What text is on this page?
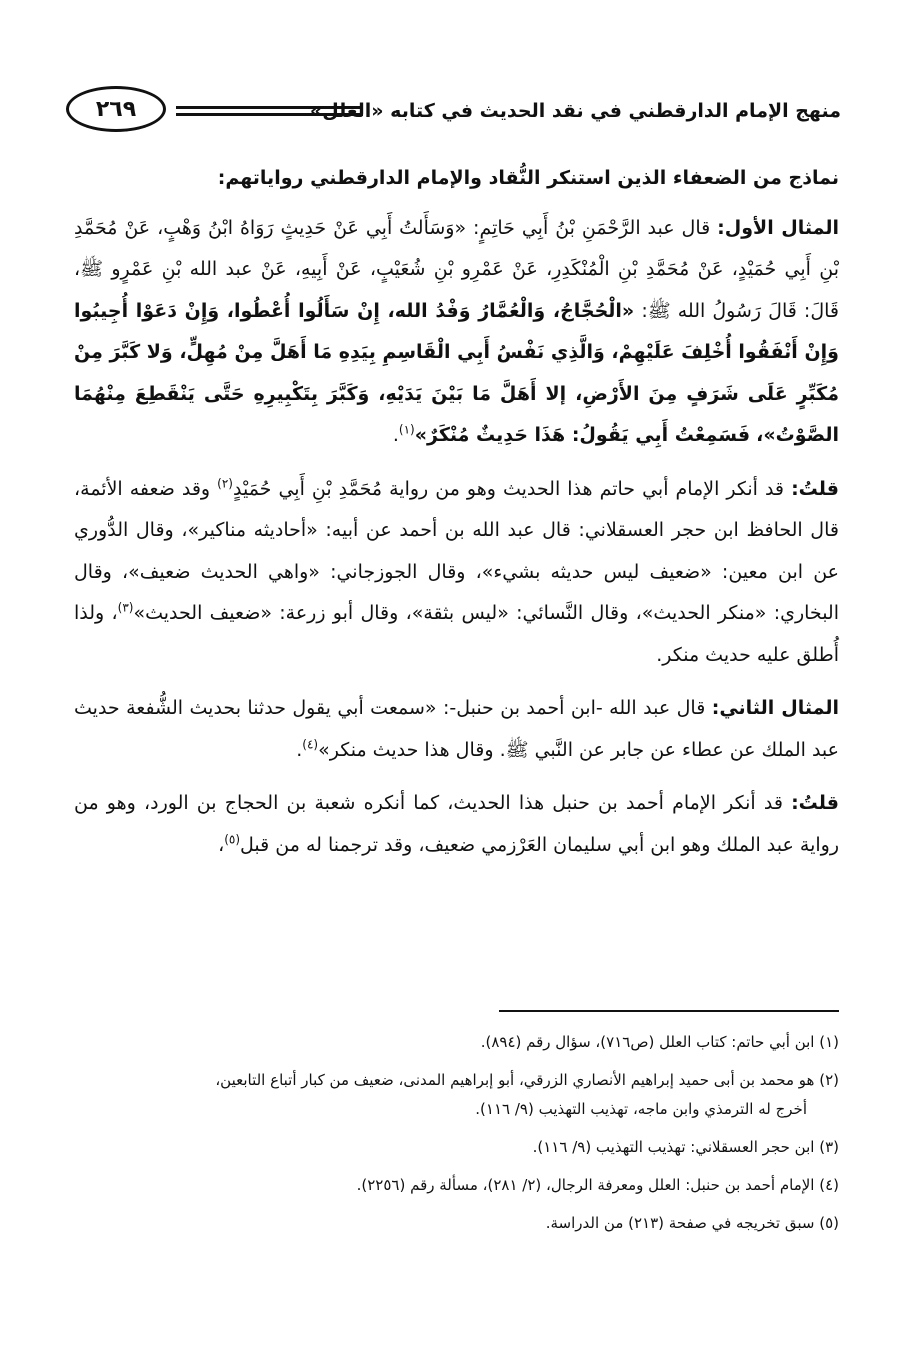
٢٦٩	منهج الإمام الدارقطني في نقد الحديث في كتابه «العلل»

نماذج من الضعفاء الذين استنكر النُّقاد والإمام الدارقطني رواياتهم:

المثال الأول: قال عبد الرَّحْمَنِ بْنُ أَبِي حَاتِمٍ: «وَسَأَلتُ أَبِي عَنْ حَدِيثٍ رَوَاهُ ابْنُ وَهْبٍ، عَنْ مُحَمَّدِ بْنِ أَبِي حُمَيْدٍ، عَنْ مُحَمَّدِ بْنِ الْمُنْكَدِرِ، عَنْ عَمْرِو بْنِ شُعَيْبٍ، عَنْ أَبِيهِ، عَنْ عبد الله بْنِ عَمْرٍو ﷺ، قَالَ: قَالَ رَسُولُ الله ﷺ: «الْحُجَّاجُ، وَالْعُمَّارُ وَفْدُ الله، إِنْ سَأَلُوا أُعْطُوا، وَإِنْ دَعَوْا أُجِيبُوا وَإِنْ أَنْفَقُوا أُخْلِفَ عَلَيْهِمْ، وَالَّذِي نَفْسُ أَبِي الْقَاسِمِ بِيَدِهِ مَا أَهَلَّ مِنْ مُهِلٍّ، وَلا كَبَّرَ مِنْ مُكَبِّرٍ عَلَى شَرَفٍ مِنَ الأَرْضِ، إلا أَهَلَّ مَا بَيْنَ يَدَيْهِ، وَكَبَّرَ بِتَكْبِيرِهِ حَتَّى يَنْقَطِعَ مِنْهُمَا الصَّوْتُ»، فَسَمِعْتُ أَبِي يَقُولُ: هَذَا حَدِيثٌ مُنْكَرٌ»$^{(١)}$.

قلتُ: قد أنكر الإمام أبي حاتم هذا الحديث وهو من رواية مُحَمَّدِ بْنِ أَبِي حُمَيْدٍ$^{(٢)}$ وقد ضعفه الأئمة، قال الحافظ ابن حجر العسقلاني: قال عبد الله بن أحمد عن أبيه: «أحاديثه مناكير»، وقال الدُّوري عن ابن معين: «ضعيف ليس حديثه بشيء»، وقال الجوزجاني: «واهي الحديث ضعيف»، وقال البخاري: «منكر الحديث»، وقال النَّسائي: «ليس بثقة»، وقال أبو زرعة: «ضعيف الحديث»$^{(٣)}$، ولذا أُطلق عليه حديث منكر.

المثال الثاني: قال عبد الله -ابن أحمد بن حنبل-: «سمعت أبي يقول حدثنا بحديث الشُّفعة حديث عبد الملك عن عطاء عن جابر عن النَّبي ﷺ. وقال هذا حديث منكر»$^{(٤)}$.

قلتُ: قد أنكر الإمام أحمد بن حنبل هذا الحديث، كما أنكره شعبة بن الحجاج بن الورد، وهو من رواية عبد الملك وهو ابن أبي سليمان العَرْزمي ضعيف، وقد ترجمنا له من قبل$^{(٥)}$،

(١) ابن أبي حاتم: كتاب العلل (ص٧١٦)، سؤال رقم (٨٩٤).
(٢) هو محمد بن أبى حميد إبراهيم الأنصاري الزرقي، أبو إبراهيم المدنى، ضعيف من كبار أتباع التابعين،
أخرج له الترمذي وابن ماجه، تهذيب التهذيب (٩/ ١١٦).
(٣) ابن حجر العسقلاني: تهذيب التهذيب (٩/ ١١٦).
(٤) الإمام أحمد بن حنبل: العلل ومعرفة الرجال، (٢/ ٢٨١)، مسألة رقم (٢٢٥٦).
(٥) سبق تخريجه في صفحة (٢١٣) من الدراسة.
